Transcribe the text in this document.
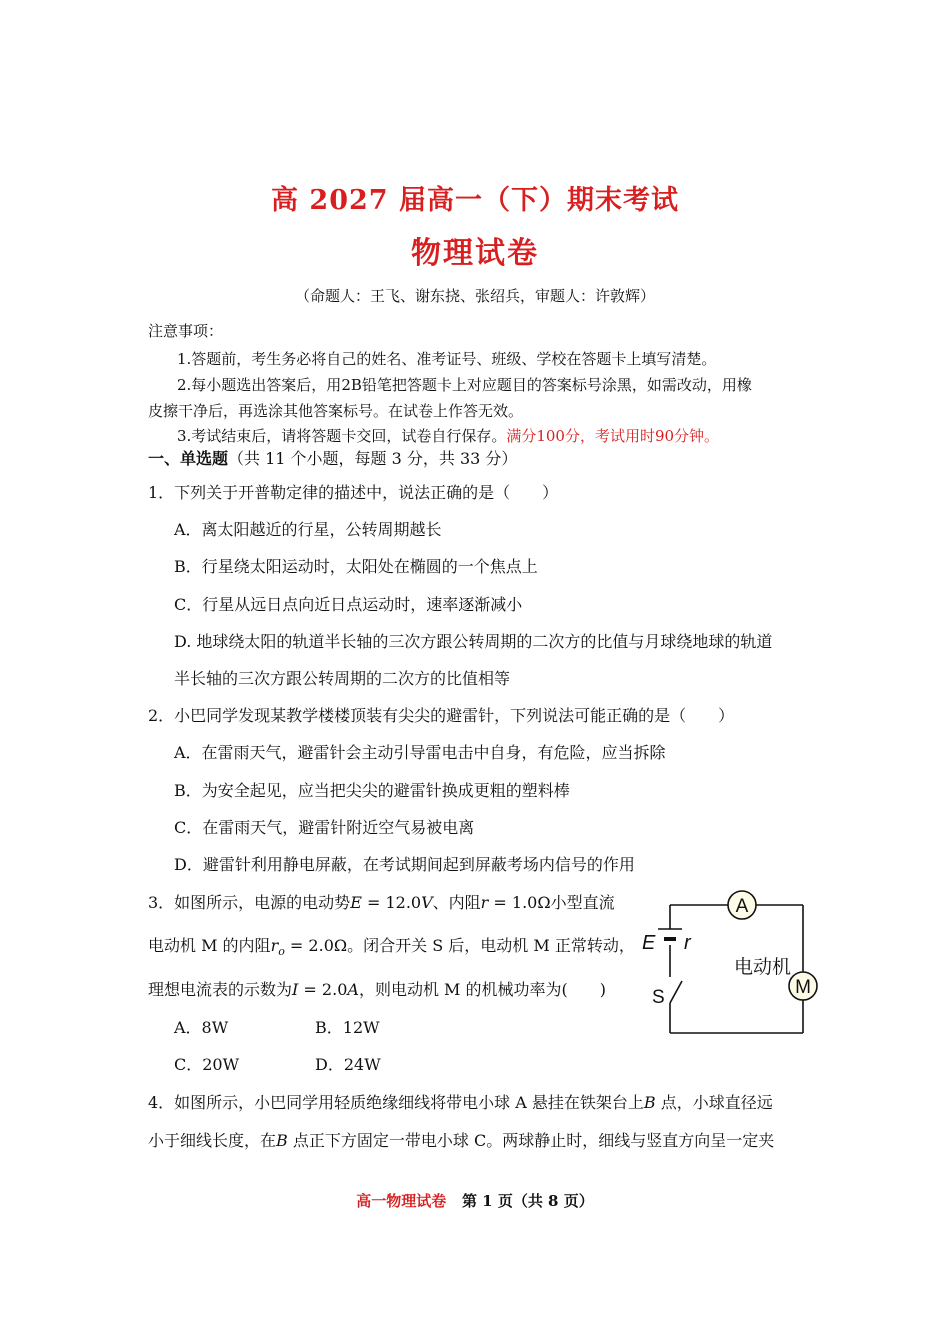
高 2027 届高一（下）期末考试
物理试卷
（命题人：王飞、谢东挠、张绍兵，审题人：许敦辉）
注意事项：
1.答题前，考生务必将自己的姓名、准考证号、班级、学校在答题卡上填写清楚。
2.每小题选出答案后，用2B铅笔把答题卡上对应题目的答案标号涂黑，如需改动，用橡
皮擦干净后，再选涂其他答案标号。在试卷上作答无效。
3.考试结束后，请将答题卡交回，试卷自行保存。满分100分，考试用时90分钟。
一、单选题（共 11 个小题，每题 3 分，共 33 分）
1．下列关于开普勒定律的描述中，说法正确的是（　　）
A．离太阳越近的行星，公转周期越长
B．行星绕太阳运动时，太阳处在椭圆的一个焦点上
C．行星从远日点向近日点运动时，速率逐渐减小
D. 地球绕太阳的轨道半长轴的三次方跟公转周期的二次方的比值与月球绕地球的轨道
半长轴的三次方跟公转周期的二次方的比值相等
2．小巴同学发现某教学楼楼顶装有尖尖的避雷针，下列说法可能正确的是（　　）
A．在雷雨天气，避雷针会主动引导雷电击中自身，有危险，应当拆除
B．为安全起见，应当把尖尖的避雷针换成更粗的塑料棒
C．在雷雨天气，避雷针附近空气易被电离
D．避雷针利用静电屏蔽，在考试期间起到屏蔽考场内信号的作用
3．如图所示，电源的电动势E = 12.0V、内阻r = 1.0Ω小型直流
电动机 M 的内阻$r_o = 2.0\Omega$。闭合开关 S 后，电动机 M 正常转动，
理想电流表的示数为I = 2.0A，则电动机 M 的机械功率为(　　)
A．8W	B．12W
C．20W	D．24W
A
M
E r
电动机
S
4．如图所示，小巴同学用轻质绝缘细线将带电小球 A 悬挂在铁架台上B 点，小球直径远
小于细线长度，在B 点正下方固定一带电小球 C。两球静止时，细线与竖直方向呈一定夹
高一物理试卷 第 1 页（共 8 页）
